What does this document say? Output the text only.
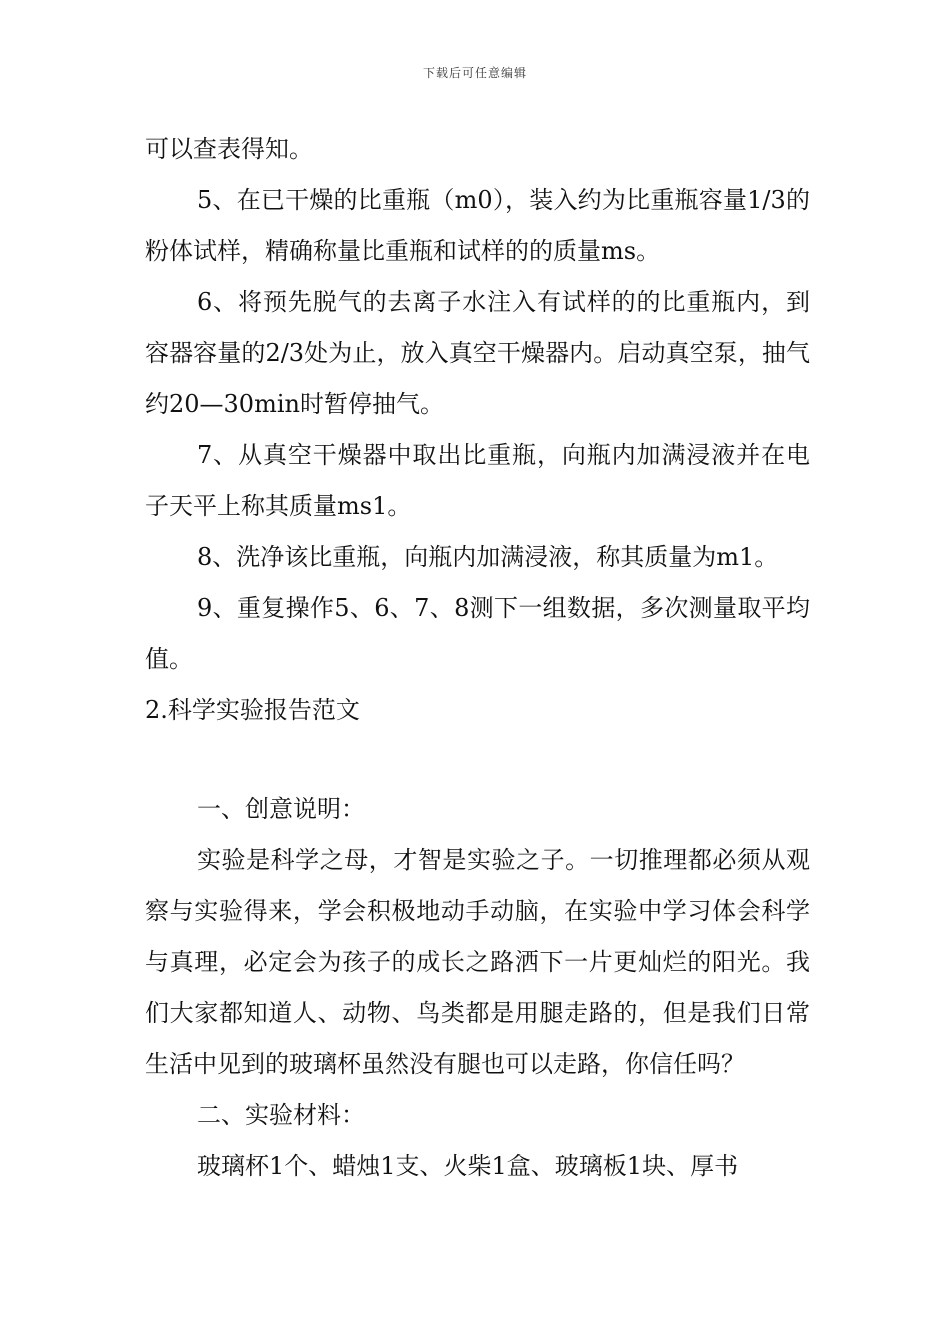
下载后可任意编辑

可以查表得知。

5、在已干燥的比重瓶（m0），装入约为比重瓶容量1/3的粉体试样，精确称量比重瓶和试样的的质量ms。

6、将预先脱气的去离子水注入有试样的的比重瓶内，到容器容量的2/3处为止，放入真空干燥器内。启动真空泵，抽气约20—30min时暂停抽气。

7、从真空干燥器中取出比重瓶，向瓶内加满浸液并在电子天平上称其质量ms1。

8、洗净该比重瓶，向瓶内加满浸液，称其质量为m1。

9、重复操作5、6、7、8测下一组数据，多次测量取平均值。

2.科学实验报告范文

一、创意说明：

实验是科学之母，才智是实验之子。一切推理都必须从观察与实验得来，学会积极地动手动脑，在实验中学习体会科学与真理，必定会为孩子的成长之路洒下一片更灿烂的阳光。我们大家都知道人、动物、鸟类都是用腿走路的，但是我们日常生活中见到的玻璃杯虽然没有腿也可以走路，你信任吗？

二、实验材料：

玻璃杯1个、蜡烛1支、火柴1盒、玻璃板1块、厚书
